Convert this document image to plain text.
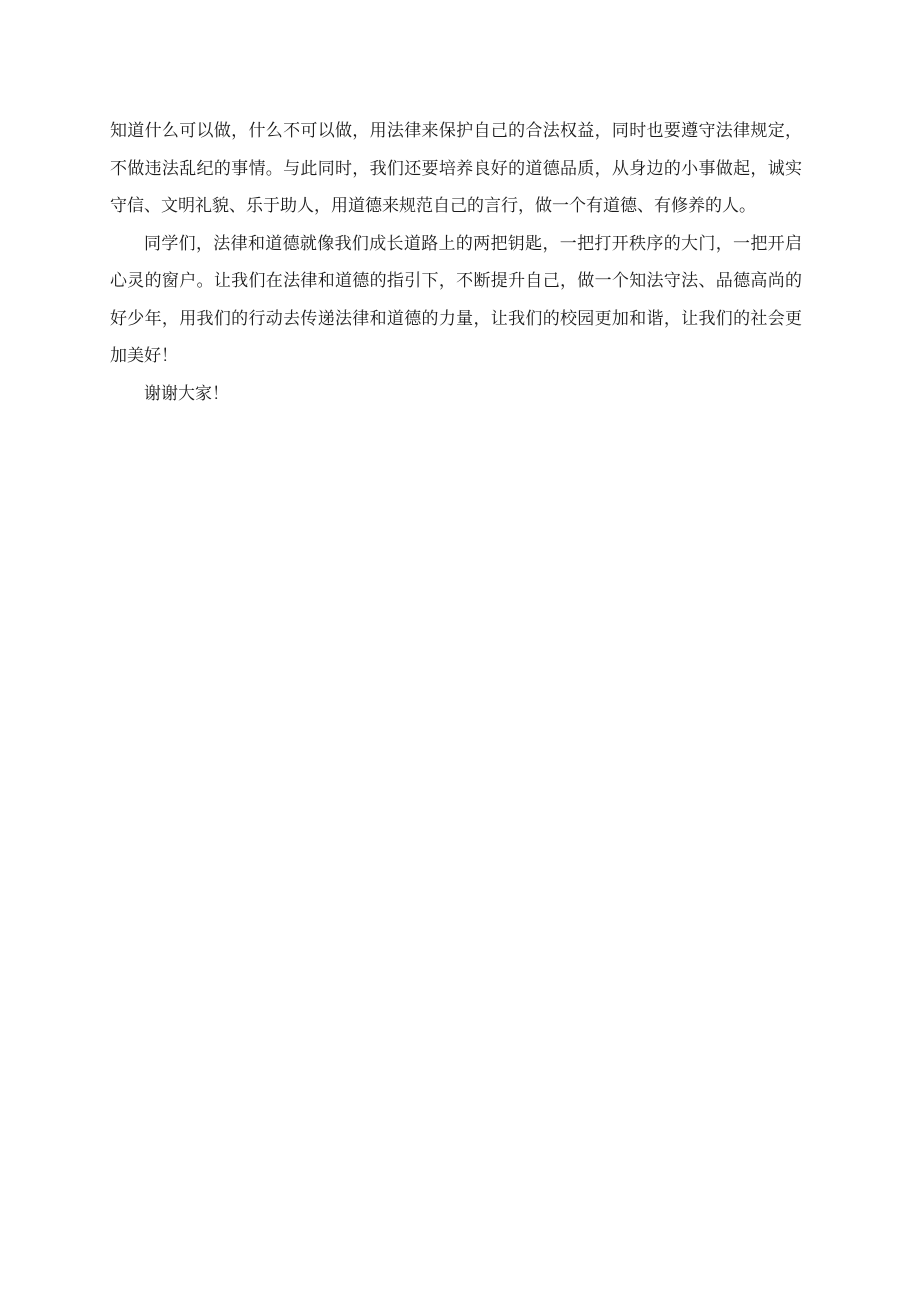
知道什么可以做，什么不可以做，用法律来保护自己的合法权益，同时也要遵守法律规定，不做违法乱纪的事情。与此同时，我们还要培养良好的道德品质，从身边的小事做起，诚实守信、文明礼貌、乐于助人，用道德来规范自己的言行，做一个有道德、有修养的人。

同学们，法律和道德就像我们成长道路上的两把钥匙，一把打开秩序的大门，一把开启心灵的窗户。让我们在法律和道德的指引下，不断提升自己，做一个知法守法、品德高尚的好少年，用我们的行动去传递法律和道德的力量，让我们的校园更加和谐，让我们的社会更加美好！

谢谢大家！
